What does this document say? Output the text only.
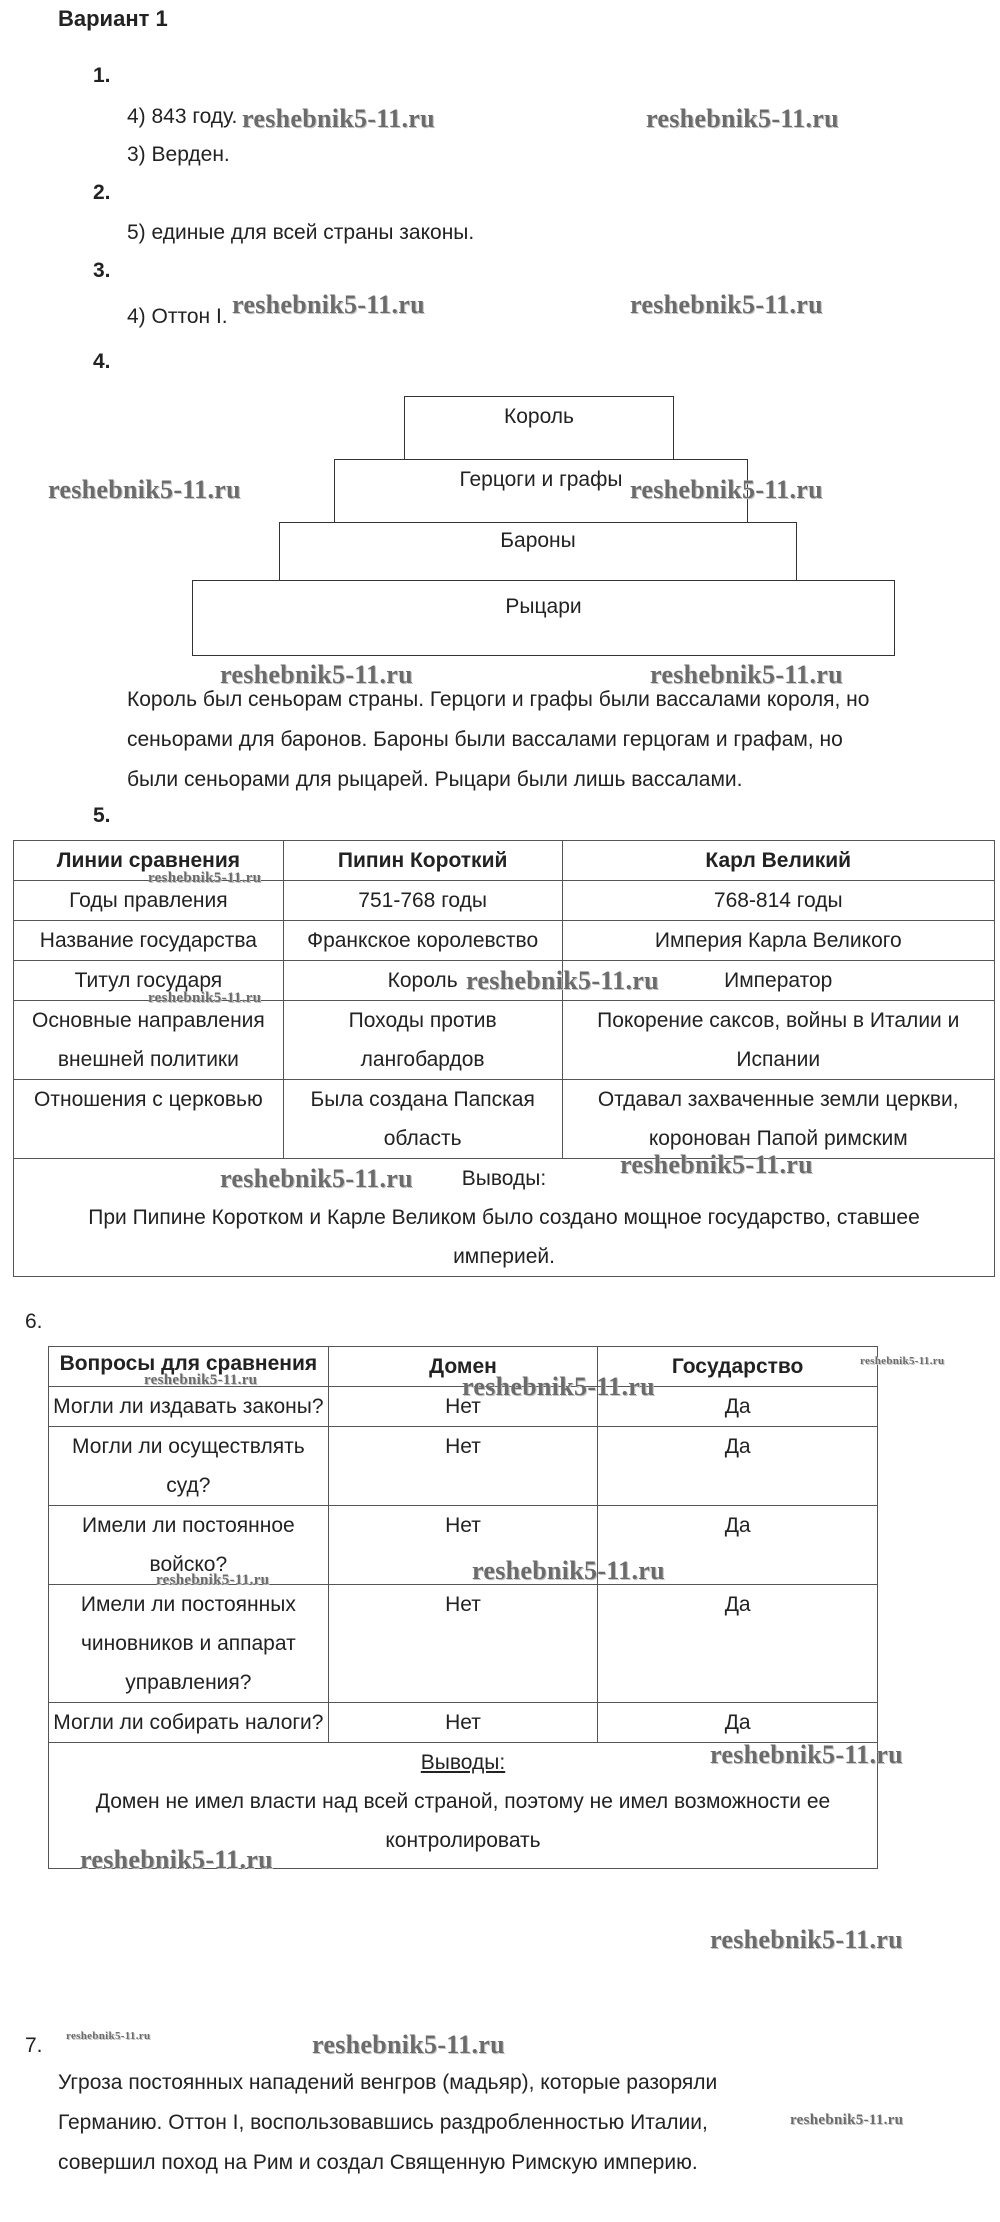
Вариант 1
1.
4) 843 году.
3) Верден.
2.
5) единые для всей страны законы.
3.
4) Оттон I.
4.
Король
Герцоги и графы
Бароны
Рыцари
Король был сеньорам страны. Герцоги и графы были вассалами короля, но
сеньорами для баронов. Бароны были вассалами герцогам и графам, но
были сеньорами для рыцарей. Рыцари были лишь вассалами.
5.
Линии сравнения	Пипин Короткий	Карл Великий
Годы правления	751-768 годы	768-814 годы
Название государства	Франкское королевство	Империя Карла Великого
Титул государя	Король	Император
Основные направления внешней политики	Походы против лангобардов	Покорение саксов, войны в Италии и Испании
Отношения с церковью	Была создана Папская область	Отдавал захваченные земли церкви, коронован Папой римским

Выводы:
При Пипине Коротком и Карле Великом было создано мощное государство, ставшее империей.		
6.
Вопросы для сравнения	Домен	Государство
Могли ли издавать законы?	Нет	Да
Могли ли осуществлять суд?	Нет	Да
Имели ли постоянное войско?	Нет	Да
Имели ли постоянных чиновников и аппарат управления?	Нет	Да
Могли ли собирать налоги?	Нет	Да

Выводы:
Домен не имел власти над всей страной, поэтому не имел возможности ее контролировать		
7.
Угроза постоянных нападений венгров (мадьяр), которые разоряли
Германию. Оттон I, воспользовавшись раздробленностью Италии,
совершил поход на Рим и создал Священную Римскую империю.
reshebnik5-11.ru	reshebnik5-11.ru
reshebnik5-11.ru	reshebnik5-11.ru
reshebnik5-11.ru	reshebnik5-11.ru
reshebnik5-11.ru	reshebnik5-11.ru
reshebnik5-11.ru
reshebnik5-11.ru
reshebnik5-11.ru
reshebnik5-11.ru	reshebnik5-11.ru
reshebnik5-11.ru	reshebnik5-11.ru
reshebnik5-11.ru
reshebnik5-11.ru
reshebnik5-11.ru
reshebnik5-11.ru
reshebnik5-11.ru
reshebnik5-11.ru
reshebnik5-11.ru	reshebnik5-11.ru
reshebnik5-11.ru
